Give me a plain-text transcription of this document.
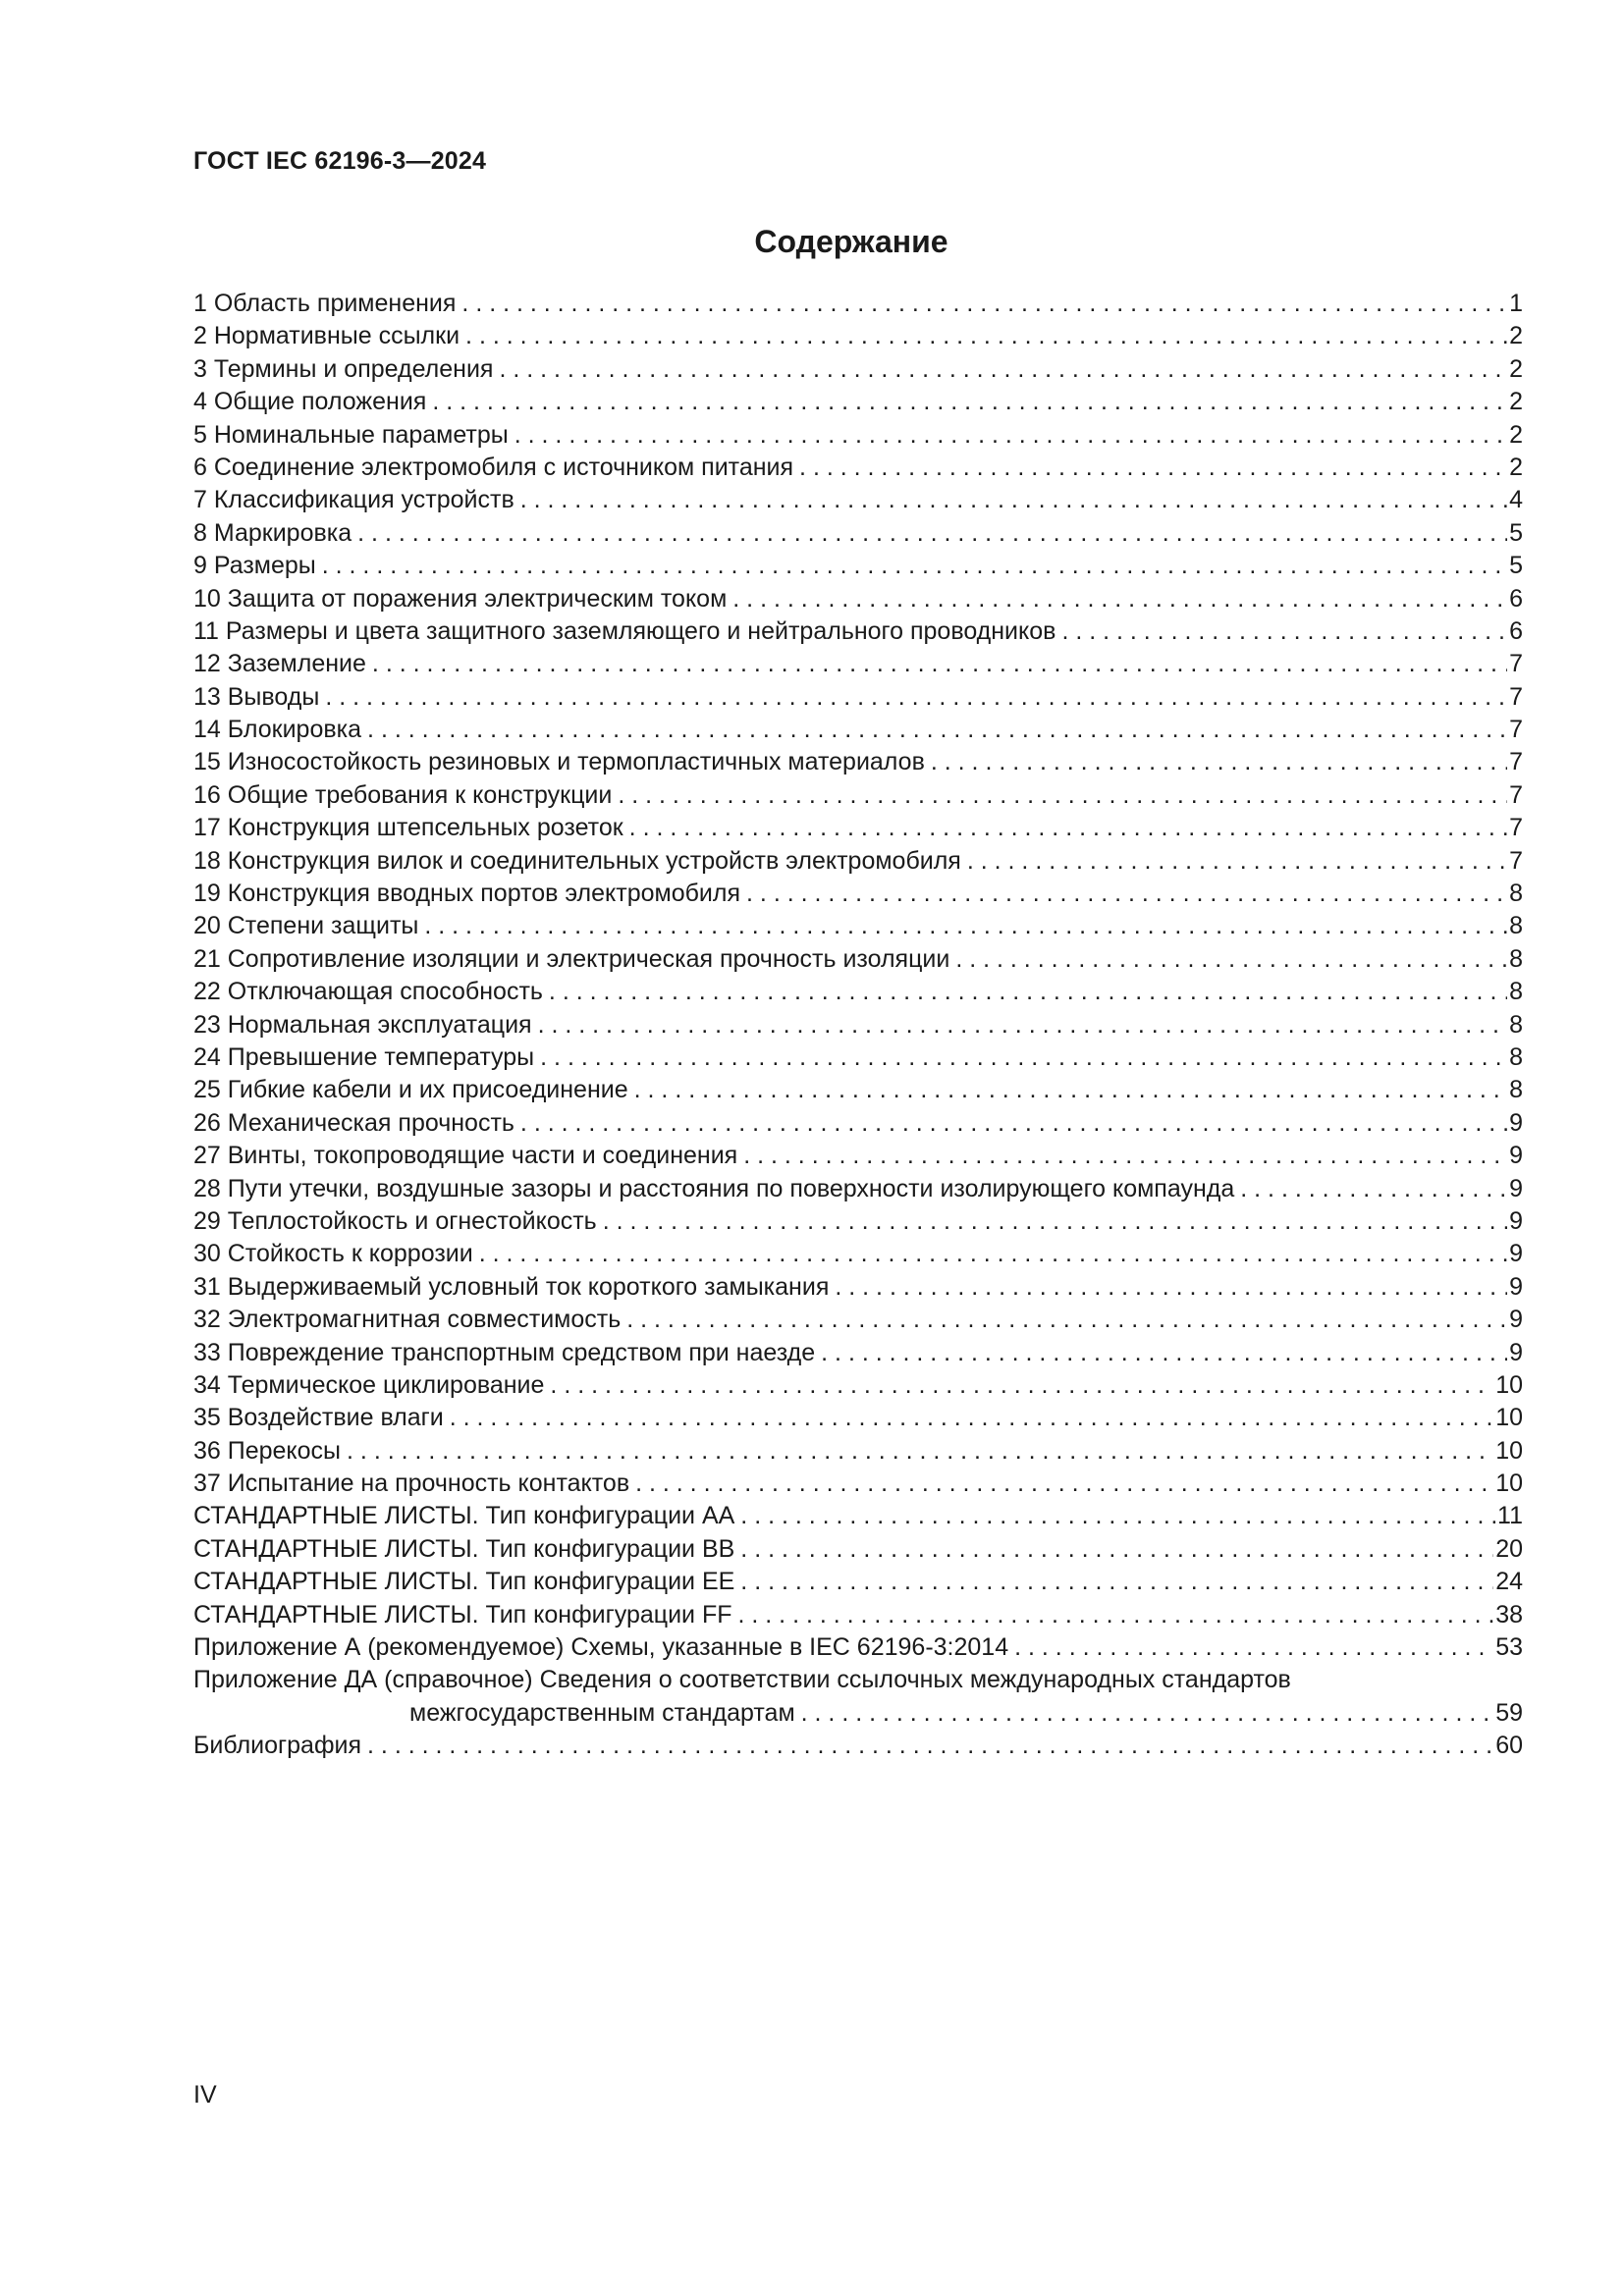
ГОСТ IEC 62196-3—2024
Содержание
1 Область применения . . .	1
2 Нормативные ссылки . . .	2
3 Термины и определения . . .	2
4 Общие положения . . .	2
5 Номинальные параметры . . .	2
6 Соединение электромобиля с источником питания . . .	2
7 Классификация устройств . . .	4
8 Маркировка . . .	5
9 Размеры . . .	5
10 Защита от поражения электрическим током . . .	6
11 Размеры и цвета защитного заземляющего и нейтрального проводников . . .	6
12 Заземление . . .	7
13 Выводы . . .	7
14 Блокировка . . .	7
15 Износостойкость резиновых и термопластичных материалов . . .	7
16 Общие требования к конструкции . . .	7
17 Конструкция штепсельных розеток . . .	7
18 Конструкция вилок и соединительных устройств электромобиля . . .	7
19 Конструкция вводных портов электромобиля . . .	8
20 Степени защиты . . .	8
21 Сопротивление изоляции и электрическая прочность изоляции . . .	8
22 Отключающая способность . . .	8
23 Нормальная эксплуатация . . .	8
24 Превышение температуры . . .	8
25 Гибкие кабели и их присоединение . . .	8
26 Механическая прочность . . .	9
27 Винты, токопроводящие части и соединения . . .	9
28 Пути утечки, воздушные зазоры и расстояния по поверхности изолирующего компаунда . . .	9
29 Теплостойкость и огнестойкость . . .	9
30 Стойкость к коррозии . . .	9
31 Выдерживаемый условный ток короткого замыкания . . .	9
32 Электромагнитная совместимость . . .	9
33 Повреждение транспортным средством при наезде . . .	9
34 Термическое циклирование . . .	10
35 Воздействие влаги . . .	10
36 Перекосы . . .	10
37 Испытание на прочность контактов . . .	10
СТАНДАРТНЫЕ ЛИСТЫ. Тип конфигурации АА . . .	11
СТАНДАРТНЫЕ ЛИСТЫ. Тип конфигурации ВВ . . .	20
СТАНДАРТНЫЕ ЛИСТЫ. Тип конфигурации ЕЕ . . .	24
СТАНДАРТНЫЕ ЛИСТЫ. Тип конфигурации FF . . .	38
Приложение А (рекомендуемое) Схемы, указанные в IEC 62196-3:2014 . . .	53
Приложение ДА (справочное) Сведения о соответствии ссылочных международных стандартов
межгосударственным стандартам . . .	59
Библиография . . .	60
IV
